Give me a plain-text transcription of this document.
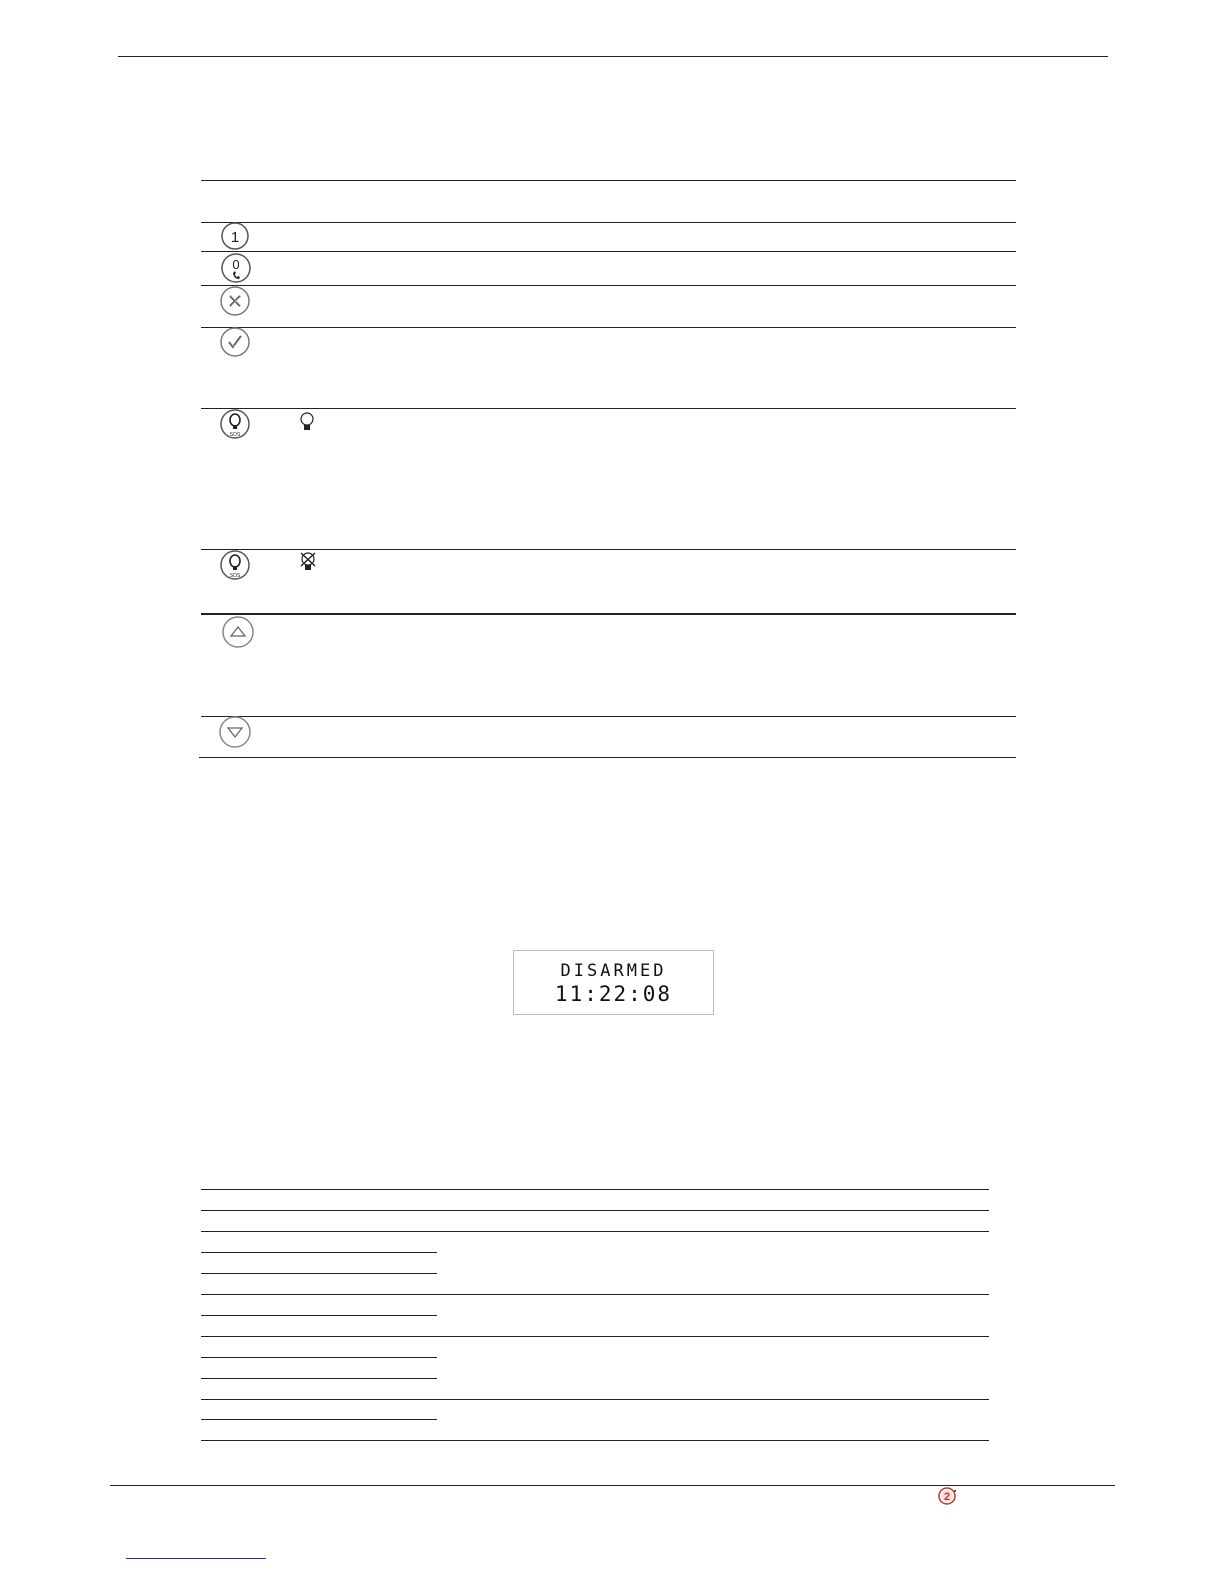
1
0
SOS
SOS
DISARMED
11:22:08
2
